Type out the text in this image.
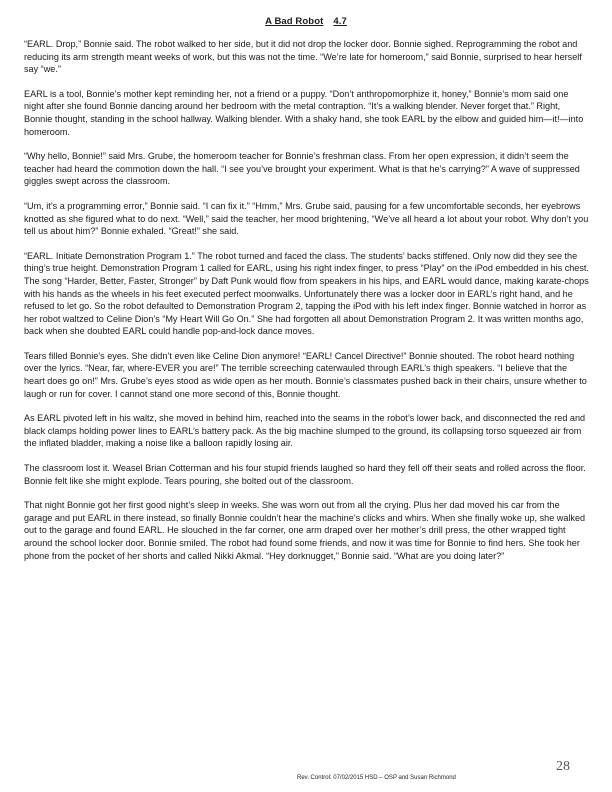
A Bad Robot 4.7

“EARL. Drop,” Bonnie said. The robot walked to her side, but it did not drop the locker door. Bonnie sighed. Reprogramming the robot and reducing its arm strength meant weeks of work, but this was not the time. “We’re late for homeroom,” said Bonnie, surprised to hear herself say “we.”

EARL is a tool, Bonnie’s mother kept reminding her, not a friend or a puppy. “Don’t anthropomorphize it, honey,” Bonnie’s mom said one night after she found Bonnie dancing around her bedroom with the metal contraption. “It’s a walking blender. Never forget that.” Right, Bonnie thought, standing in the school hallway. Walking blender. With a shaky hand, she took EARL by the elbow and guided him—it!—into homeroom.

“Why hello, Bonnie!” said Mrs. Grube, the homeroom teacher for Bonnie’s freshman class. From her open expression, it didn’t seem the teacher had heard the commotion down the hall. “I see you’ve brought your experiment. What is that he’s carrying?” A wave of suppressed giggles swept across the classroom.

“Um, it’s a programming error,” Bonnie said. “I can fix it.” “Hmm,” Mrs. Grube said, pausing for a few uncomfortable seconds, her eyebrows knotted as she figured what to do next. “Well,” said the teacher, her mood brightening, “We’ve all heard a lot about your robot. Why don’t you tell us about him?” Bonnie exhaled. “Great!” she said.

“EARL. Initiate Demonstration Program 1.” The robot turned and faced the class. The students’ backs stiffened. Only now did they see the thing’s true height. Demonstration Program 1 called for EARL, using his right index finger, to press “Play” on the iPod embedded in his chest. The song “Harder, Better, Faster, Stronger” by Daft Punk would flow from speakers in his hips, and EARL would dance, making karate-chops with his hands as the wheels in his feet executed perfect moonwalks. Unfortunately there was a locker door in EARL’s right hand, and he refused to let go. So the robot defaulted to Demonstration Program 2, tapping the iPod with his left index finger. Bonnie watched in horror as her robot waltzed to Celine Dion’s “My Heart Will Go On.” She had forgotten all about Demonstration Program 2. It was written months ago, back when she doubted EARL could handle pop-and-lock dance moves.

Tears filled Bonnie’s eyes. She didn’t even like Celine Dion anymore! “EARL! Cancel Directive!” Bonnie shouted. The robot heard nothing over the lyrics. “Near, far, where-EVER you are!” The terrible screeching caterwauled through EARL’s thigh speakers. “I believe that the heart does go on!” Mrs. Grube’s eyes stood as wide open as her mouth. Bonnie’s classmates pushed back in their chairs, unsure whether to laugh or run for cover. I cannot stand one more second of this, Bonnie thought.

As EARL pivoted left in his waltz, she moved in behind him, reached into the seams in the robot’s lower back, and disconnected the red and black clamps holding power lines to EARL’s battery pack. As the big machine slumped to the ground, its collapsing torso squeezed air from the inflated bladder, making a noise like a balloon rapidly losing air.

The classroom lost it. Weasel Brian Cotterman and his four stupid friends laughed so hard they fell off their seats and rolled across the floor. Bonnie felt like she might explode. Tears pouring, she bolted out of the classroom.

That night Bonnie got her first good night’s sleep in weeks. She was worn out from all the crying. Plus her dad moved his car from the garage and put EARL in there instead, so finally Bonnie couldn’t hear the machine’s clicks and whirs. When she finally woke up, she walked out to the garage and found EARL. He slouched in the far corner, one arm draped over her mother’s drill press, the other wrapped tight around the school locker door. Bonnie smiled. The robot had found some friends, and now it was time for Bonnie to find hers. She took her phone from the pocket of her shorts and called Nikki Akmal. “Hey dorknugget,” Bonnie said. “What are you doing later?”

Rev. Control: 07/02/2015 HSD – OSP and Susan Richmond
28
